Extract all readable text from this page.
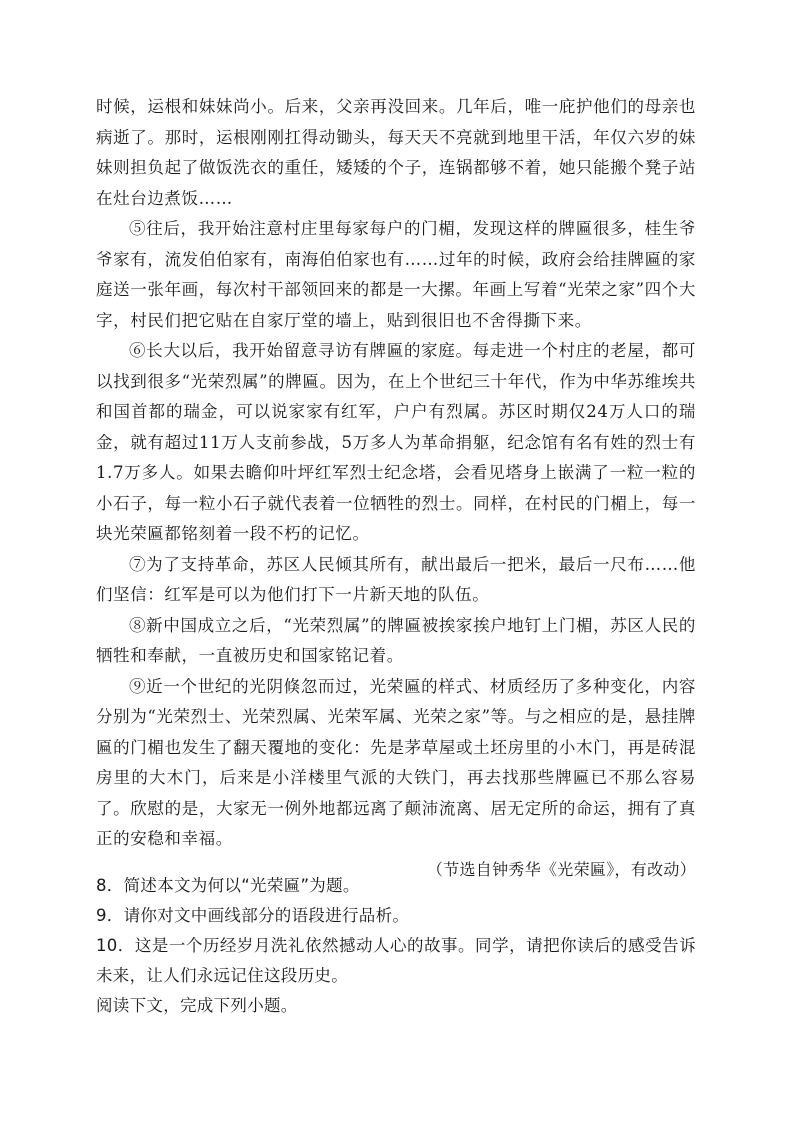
时候，运根和妹妹尚小。后来，父亲再没回来。几年后，唯一庇护他们的母亲也病逝了。那时，运根刚刚扛得动锄头，每天天不亮就到地里干活，年仅六岁的妹妹则担负起了做饭洗衣的重任，矮矮的个子，连锅都够不着，她只能搬个凳子站在灶台边煮饭……

⑤往后，我开始注意村庄里每家每户的门楣，发现这样的牌匾很多，桂生爷爷家有，流发伯伯家有，南海伯伯家也有……过年的时候，政府会给挂牌匾的家庭送一张年画，每次村干部领回来的都是一大摞。年画上写着“光荣之家”四个大字，村民们把它贴在自家厅堂的墙上，贴到很旧也不舍得撕下来。

⑥长大以后，我开始留意寻访有牌匾的家庭。每走进一个村庄的老屋，都可以找到很多“光荣烈属”的牌匾。因为，在上个世纪三十年代，作为中华苏维埃共和国首都的瑞金，可以说家家有红军，户户有烈属。苏区时期仅24万人口的瑞金，就有超过11万人支前参战，5万多人为革命捐躯，纪念馆有名有姓的烈士有1.7万多人。如果去瞻仰叶坪红军烈士纪念塔，会看见塔身上嵌满了一粒一粒的小石子，每一粒小石子就代表着一位牺牲的烈士。同样，在村民的门楣上，每一块光荣匾都铭刻着一段不朽的记忆。

⑦为了支持革命，苏区人民倾其所有，献出最后一把米，最后一尺布……他们坚信：红军是可以为他们打下一片新天地的队伍。

⑧新中国成立之后，“光荣烈属”的牌匾被挨家挨户地钉上门楣，苏区人民的牺牲和奉献，一直被历史和国家铭记着。

⑨近一个世纪的光阴倏忽而过，光荣匾的样式、材质经历了多种变化，内容分别为“光荣烈士、光荣烈属、光荣军属、光荣之家”等。与之相应的是，悬挂牌匾的门楣也发生了翻天覆地的变化：先是茅草屋或土坯房里的小木门，再是砖混房里的大木门，后来是小洋楼里气派的大铁门，再去找那些牌匾已不那么容易了。欣慰的是，大家无一例外地都远离了颠沛流离、居无定所的命运，拥有了真正的安稳和幸福。

（节选自钟秀华《光荣匾》，有改动）

8．简述本文为何以“光荣匾”为题。

9．请你对文中画线部分的语段进行品析。

10．这是一个历经岁月洗礼依然撼动人心的故事。同学，请把你读后的感受告诉未来，让人们永远记住这段历史。

阅读下文，完成下列小题。
